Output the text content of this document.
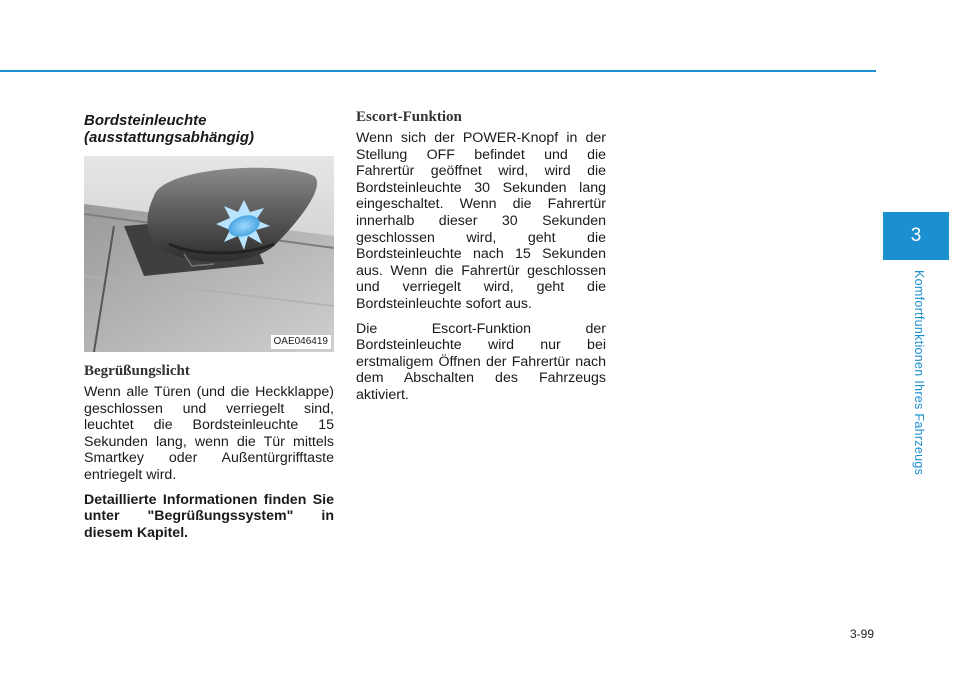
Bordsteinleuchte
(ausstattungsabhängig)
OAE046419
Begrüßungslicht

Wenn alle Türen (und die Heckklappe) geschlossen und verriegelt sind, leuchtet die Bordsteinleuchte 15 Sekunden lang, wenn die Tür mittels Smartkey oder Außentürgrifftaste entriegelt wird.

Detaillierte Informationen finden Sie unter "Begrüßungssystem" in diesem Kapitel.

Escort-Funktion

Wenn sich der POWER-Knopf in der Stellung OFF befindet und die Fahrertür geöffnet wird, wird die Bordsteinleuchte 30 Sekunden lang eingeschaltet. Wenn die Fahrertür innerhalb dieser 30 Sekunden geschlossen wird, geht die Bordsteinleuchte nach 15 Sekunden aus. Wenn die Fahrertür geschlossen und verriegelt wird, geht die Bordsteinleuchte sofort aus.

Die Escort-Funktion der Bordsteinleuchte wird nur bei erstmaligem Öffnen der Fahrertür nach dem Abschalten des Fahrzeugs aktiviert.

3
Komfortfunktionen Ihres Fahrzeugs
3-99
